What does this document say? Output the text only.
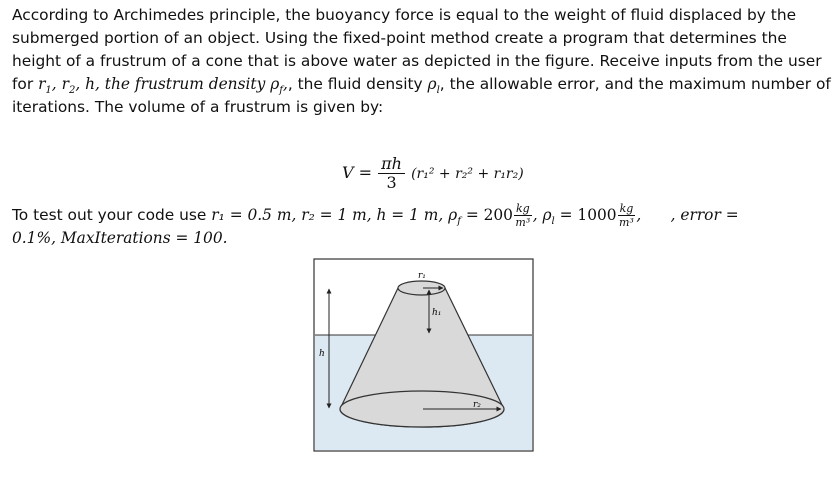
According to Archimedes principle, the buoyancy force is equal to the weight of fluid displaced by the
submerged portion of an object. Using the fixed-point method create a program that determines the
height of a frustrum of a cone that is above water as depicted in the figure. Receive inputs from the user
for $r_1$, $r_2$, h, the frustrum density $\rho_f$,, the fluid density $\rho_l$, the allowable error, and the maximum number of
iterations. The volume of a frustrum is given by:
$V = \frac{\pi h}{3} (r_1^2 + r_2^2 + r_1r_2)$
To test out your code use r₁ = 0.5 m, r₂ = 1 m, h = 1 m, $\rho_f = 200 \frac{kg}{\text{m³}}$ , $\rho_l = 1000 \frac{kg}{\text{m³}}$ ,      , error =
0.1%, MaxIterations = 100.
r₁
r₂
h₁
h
